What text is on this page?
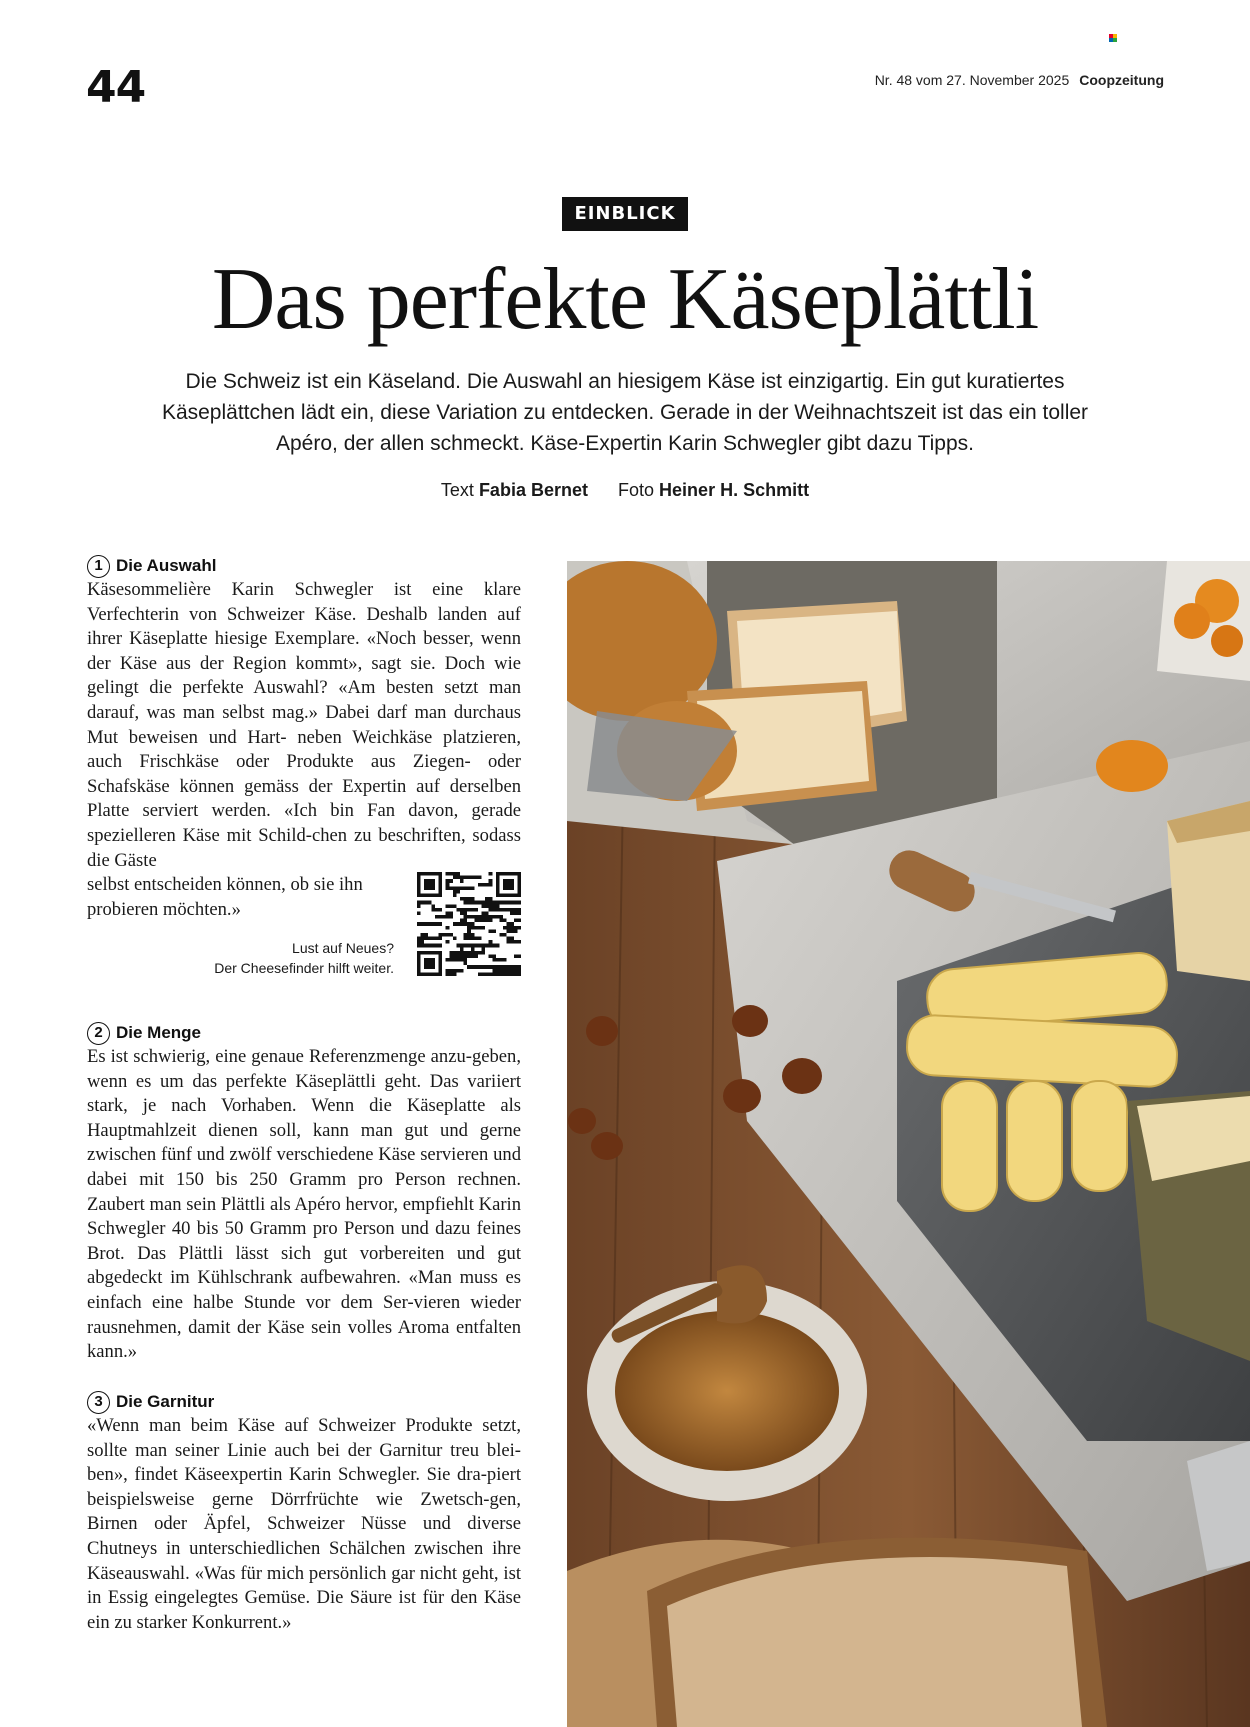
44	Nr. 48 vom 27. November 2025 Coopzeitung
EINBLICK
Das perfekte Käseplättli

Die Schweiz ist ein Käseland. Die Auswahl an hiesigem Käse ist einzigartig. Ein gut kuratiertes Käseplättchen lädt ein, diese Variation zu entdecken. Gerade in der Weihnachtszeit ist das ein toller Apéro, der allen schmeckt. Käse-Expertin Karin Schwegler gibt dazu Tipps.

Text Fabia Bernet Foto Heiner H. Schmitt
1 Die Auswahl

Käsesommelière Karin Schwegler ist eine klare Verfechterin von Schweizer Käse. Deshalb landen auf ihrer Käseplatte hiesige Exemplare. «Noch besser, wenn der Käse aus der Region kommt», sagt sie. Doch wie gelingt die perfekte Auswahl? «Am besten setzt man darauf, was man selbst mag.» Dabei darf man durchaus Mut beweisen und Hart- neben Weichkäse platzieren, auch Frischkäse oder Produkte aus Ziegen- oder Schafskäse können gemäss der Expertin auf derselben Platte serviert werden. «Ich bin Fan davon, gerade spezielleren Käse mit Schild-chen zu beschriften, sodass die Gäste

selbst entscheiden können, ob sie ihn probieren möchten.»

Lust auf Neues?
Der Cheesefinder hilft weiter.
2 Die Menge

Es ist schwierig, eine genaue Referenzmenge anzu-geben, wenn es um das perfekte Käseplättli geht. Das variiert stark, je nach Vorhaben. Wenn die Käseplatte als Hauptmahlzeit dienen soll, kann man gut und gerne zwischen fünf und zwölf verschiedene Käse servieren und dabei mit 150 bis 250 Gramm pro Person rechnen. Zaubert man sein Plättli als Apéro hervor, empfiehlt Karin Schwegler 40 bis 50 Gramm pro Person und dazu feines Brot. Das Plättli lässt sich gut vorbereiten und gut abgedeckt im Kühlschrank aufbewahren. «Man muss es einfach eine halbe Stunde vor dem Ser-vieren wieder rausnehmen, damit der Käse sein volles Aroma entfalten kann.»

3 Die Garnitur

«Wenn man beim Käse auf Schweizer Produkte setzt, sollte man seiner Linie auch bei der Garnitur treu blei-ben», findet Käseexpertin Karin Schwegler. Sie dra-piert beispielsweise gerne Dörrfrüchte wie Zwetsch-gen, Birnen oder Äpfel, Schweizer Nüsse und diverse Chutneys in unterschiedlichen Schälchen zwischen ihre Käseauswahl. «Was für mich persönlich gar nicht geht, ist in Essig eingelegtes Gemüse. Die Säure ist für den Käse ein zu starker Konkurrent.»
